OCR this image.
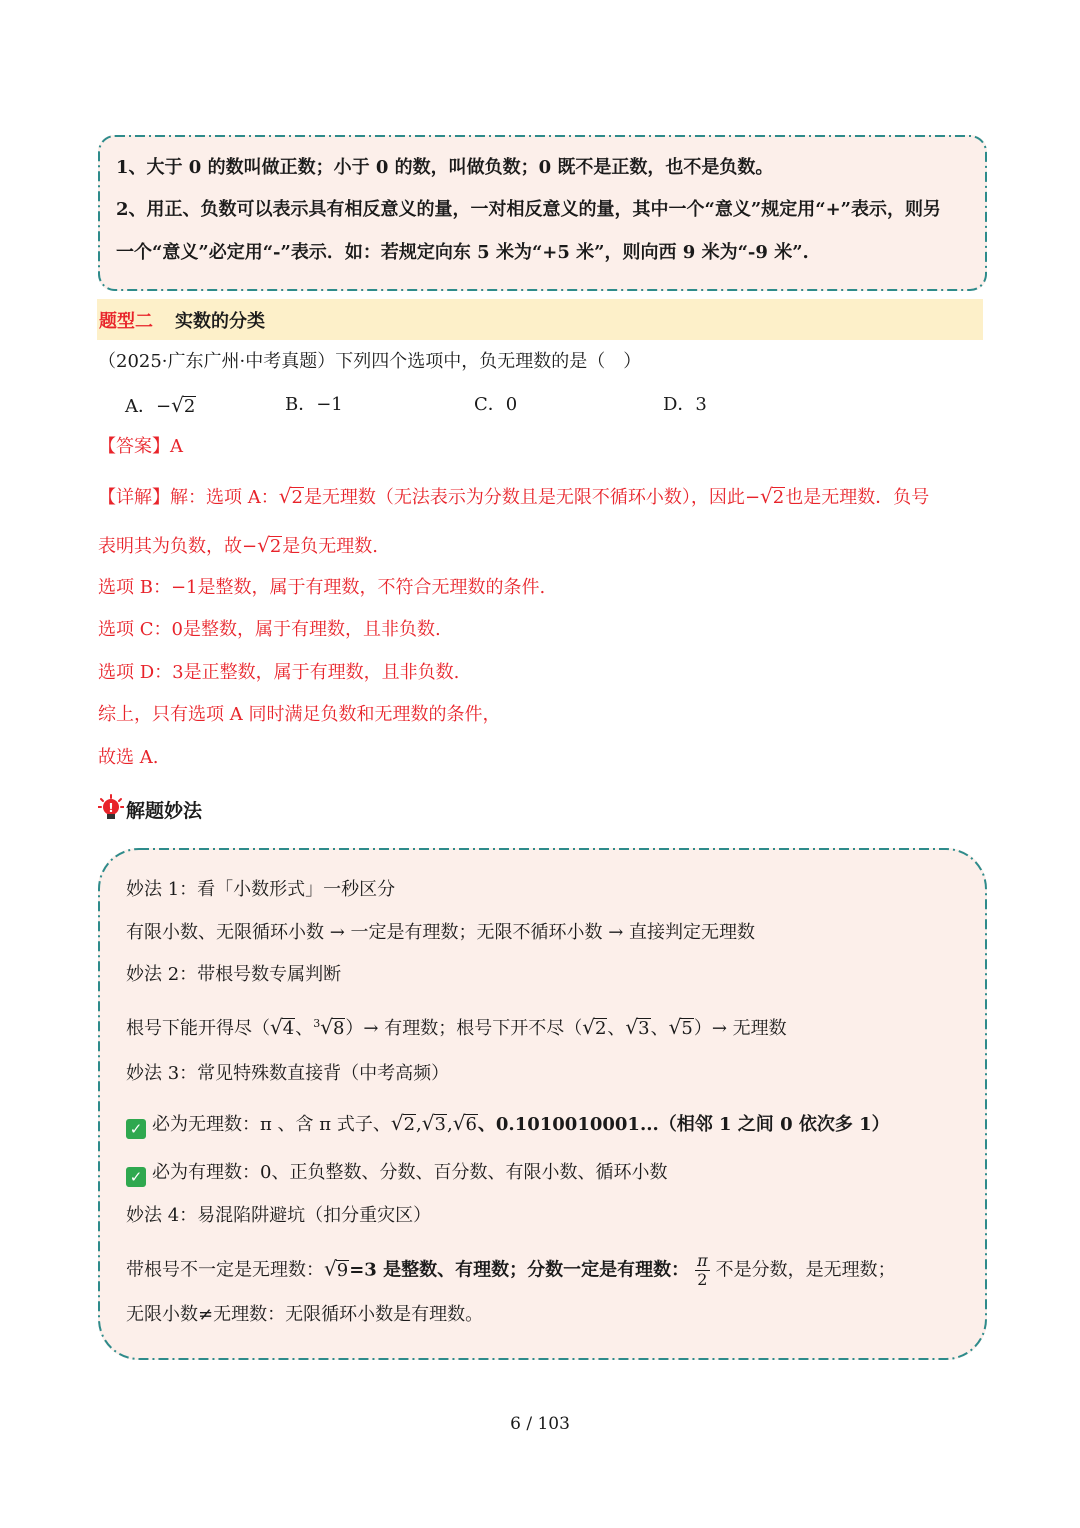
1、大于 0 的数叫做正数；小于 0 的数，叫做负数；0 既不是正数，也不是负数。
2、用正、负数可以表示具有相反意义的量，一对相反意义的量，其中一个“意义”规定用“+”表示，则另
一个“意义”必定用“-”表示．如：若规定向东 5 米为“+5 米”，则向西 9 米为“-9 米”.
题型二 实数的分类
（2025·广东广州·中考真题）下列四个选项中，负无理数的是（　）
A．−√2	B．−1	C．0	D．3
【答案】A
【详解】解：选项 A：√2是无理数（无法表示为分数且是无限不循环小数），因此−√2也是无理数．负号
表明其为负数，故−√2是负无理数.
选项 B：−1是整数，属于有理数，不符合无理数的条件.
选项 C：0是整数，属于有理数，且非负数.
选项 D：3是正整数，属于有理数，且非负数.
综上，只有选项 A 同时满足负数和无理数的条件，
故选 A.
! 解题妙法
妙法 1：看「小数形式」一秒区分
有限小数、无限循环小数 → 一定是有理数；无限不循环小数 → 直接判定无理数
妙法 2：带根号数专属判断
根号下能开得尽（√4、$^3$√8）→ 有理数；根号下开不尽（√2、√3、√5）→ 无理数
妙法 3：常见特殊数直接背（中考高频）
✓ 必为无理数：π 、含 π 式子、√2,√3,√6、0.1010010001...（相邻 1 之间 0 依次多 1）
✓ 必为有理数：0、正负整数、分数、百分数、有限小数、循环小数
妙法 4：易混陷阱避坑（扣分重灾区）
带根号不一定是无理数：√9=3 是整数、有理数；分数一定是有理数： $\frac{\pi}{2}$ 不是分数，是无理数；
无限小数≠无理数：无限循环小数是有理数。
6 / 103
